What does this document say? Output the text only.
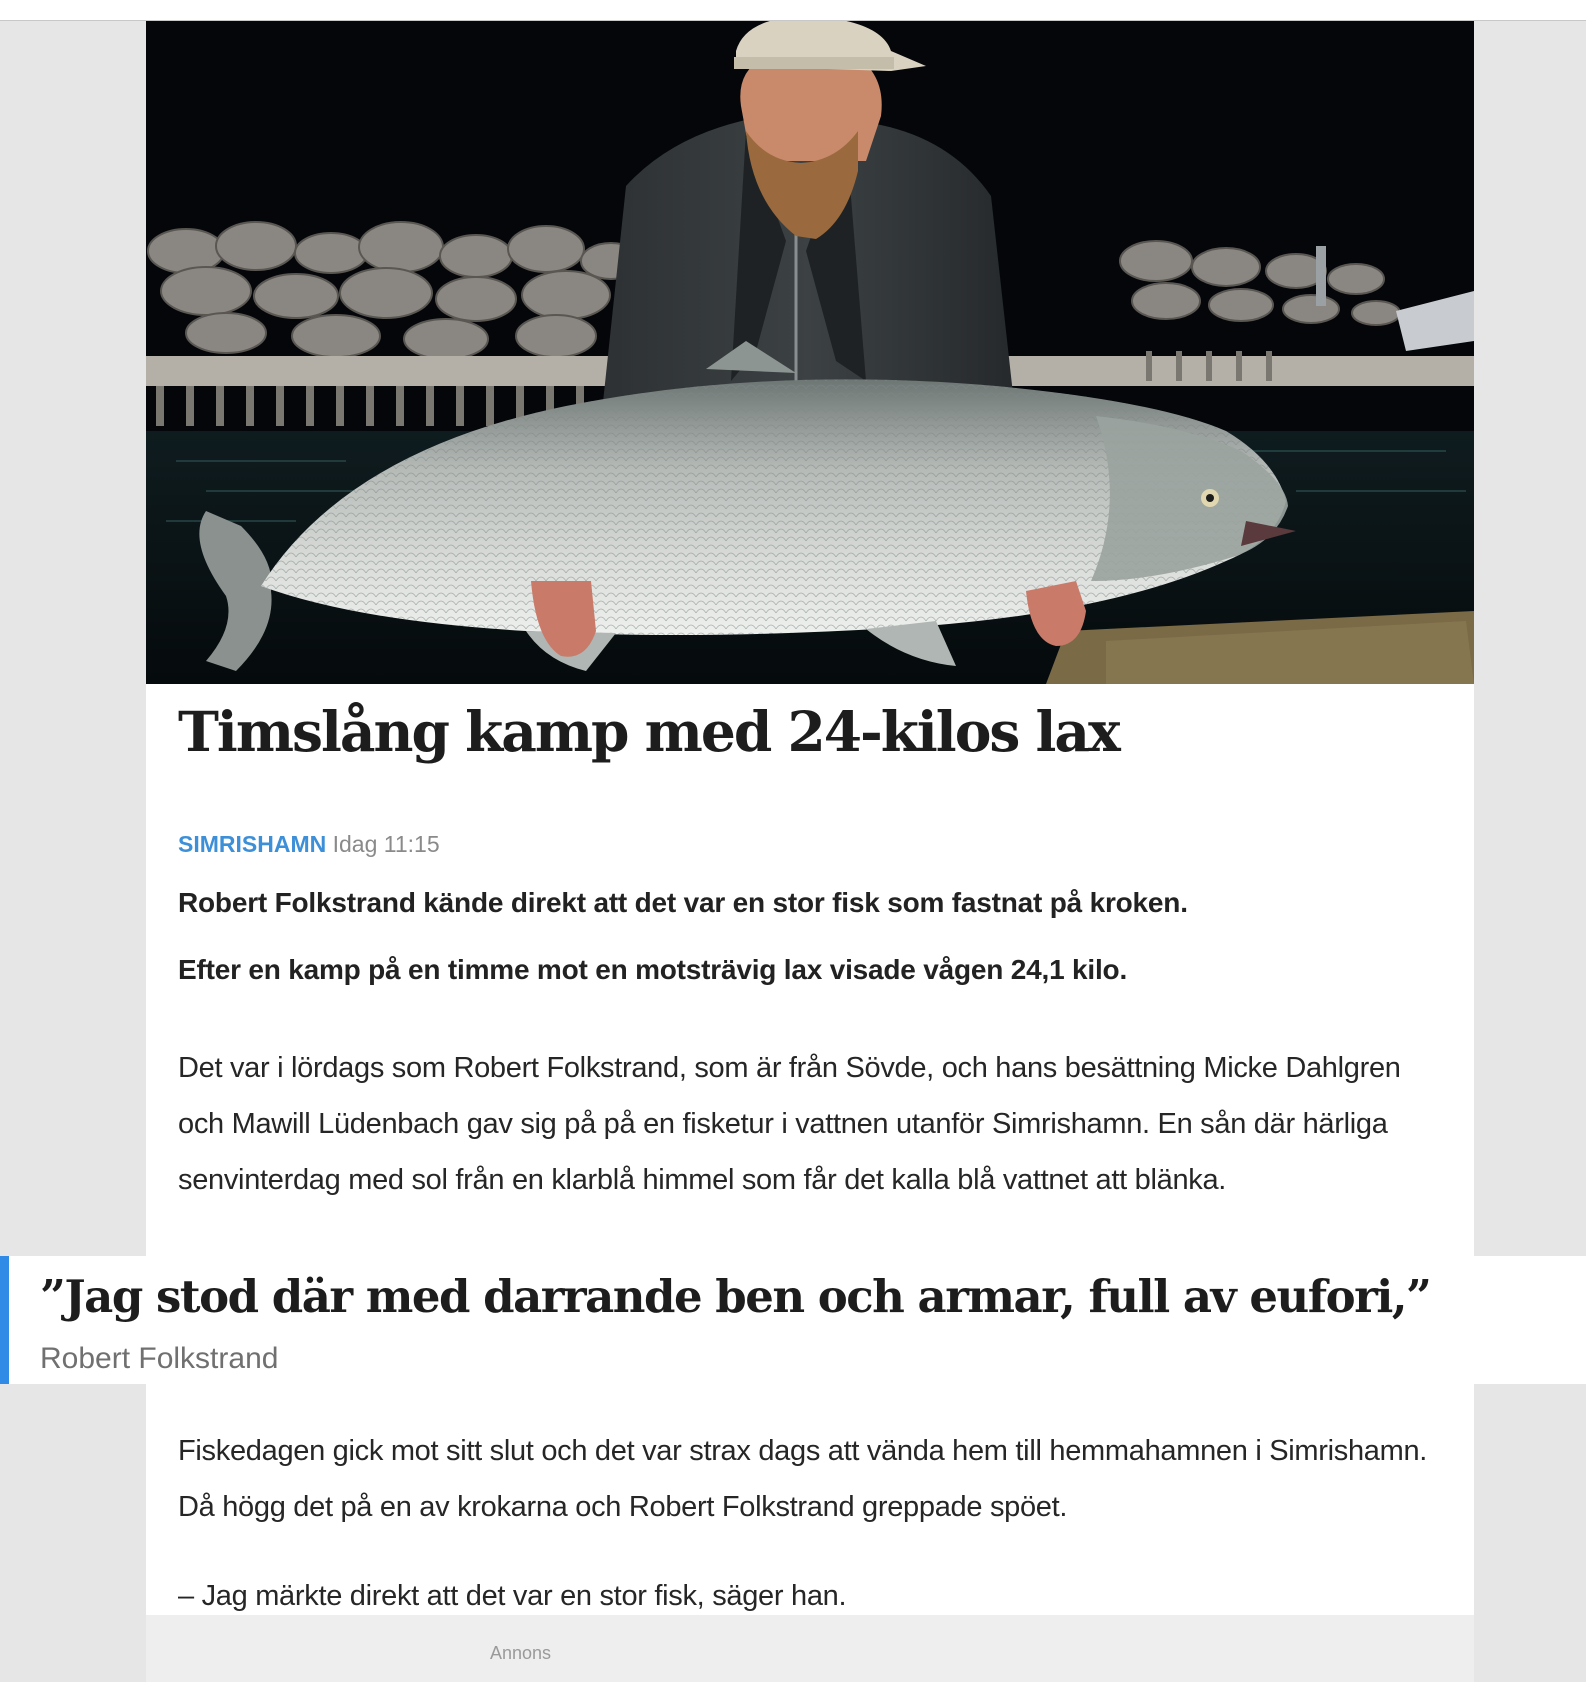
Timslång kamp med 24-kilos lax
SIMRISHAMN Idag 11:15

Robert Folkstrand kände direkt att det var en stor fisk som fastnat på kroken.

Efter en kamp på en timme mot en motsträvig lax visade vågen 24,1 kilo.

Det var i lördags som Robert Folkstrand, som är från Sövde, och hans besättning Micke Dahlgren och Mawill Lüdenbach gav sig på på en fisketur i vattnen utanför Simrishamn. En sån där härliga senvinterdag med sol från en klarblå himmel som får det kalla blå vattnet att blänka.

Fiskedagen gick mot sitt slut och det var strax dags att vända hem till hemmahamnen i Simrishamn. Då högg det på en av krokarna och Robert Folkstrand greppade spöet.

– Jag märkte direkt att det var en stor fisk, säger han.

Annons

”Jag stod där med darrande ben och armar, full av eufori,”

Robert Folkstrand
